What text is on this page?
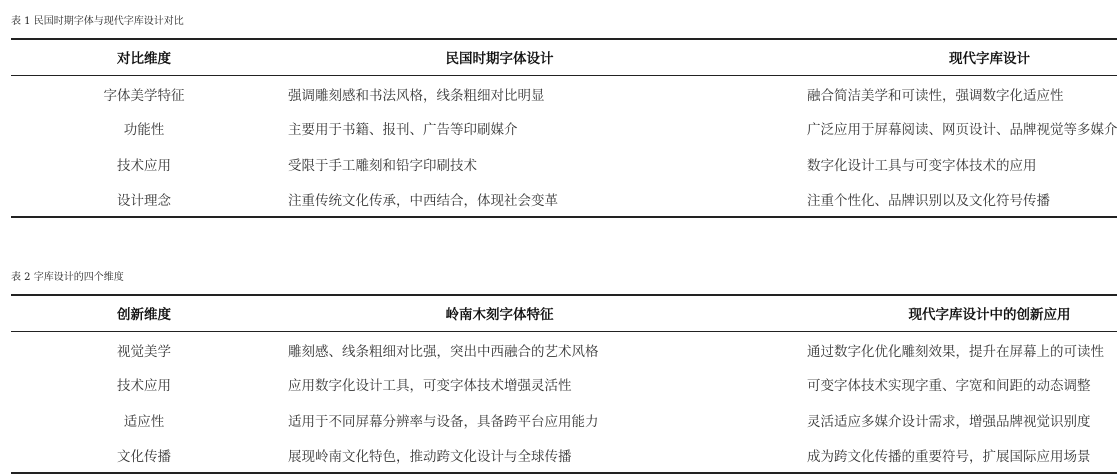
表 1 民国时期字体与现代字库设计对比
对比维度	民国时期字体设计	现代字库设计
字体美学特征	强调雕刻感和书法风格，线条粗细对比明显	融合简洁美学和可读性，强调数字化适应性
功能性	主要用于书籍、报刊、广告等印刷媒介	广泛应用于屏幕阅读、网页设计、品牌视觉等多媒介
技术应用	受限于手工雕刻和铅字印刷技术	数字化设计工具与可变字体技术的应用
设计理念	注重传统文化传承，中西结合，体现社会变革	注重个性化、品牌识别以及文化符号传播
表 2 字库设计的四个维度
创新维度	岭南木刻字体特征	现代字库设计中的创新应用
视觉美学	雕刻感、线条粗细对比强，突出中西融合的艺术风格	通过数字化优化雕刻效果，提升在屏幕上的可读性
技术应用	应用数字化设计工具，可变字体技术增强灵活性	可变字体技术实现字重、字宽和间距的动态调整
适应性	适用于不同屏幕分辨率与设备，具备跨平台应用能力	灵活适应多媒介设计需求，增强品牌视觉识别度
文化传播	展现岭南文化特色，推动跨文化设计与全球传播	成为跨文化传播的重要符号，扩展国际应用场景
